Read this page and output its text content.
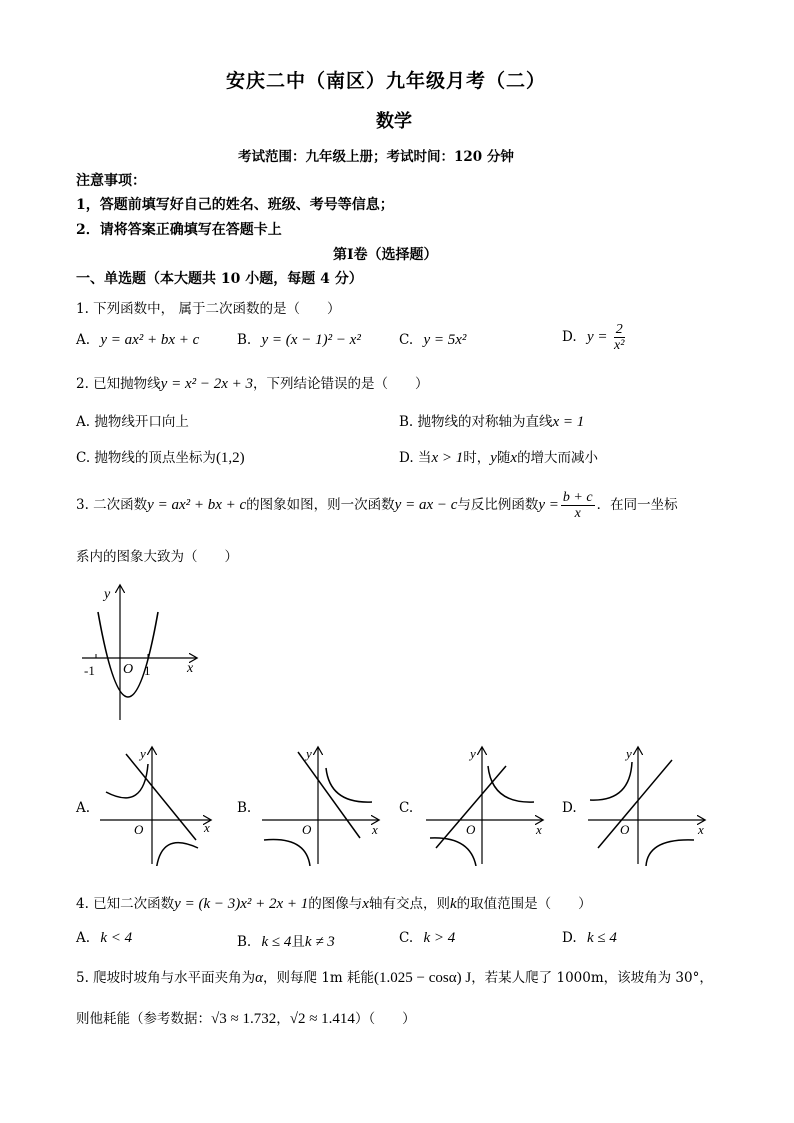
安庆二中（南区）九年级月考（二）
数学
考试范围：九年级上册；考试时间：120 分钟
注意事项：
1，答题前填写好自己的姓名、班级、考号等信息；
2．请将答案正确填写在答题卡上
第Ⅰ卷（选择题）
一、单选题（本大题共 10 小题，每题 4 分）
1. 下列函数中， 属于二次函数的是（　　）
A. y = ax² + bx + c	B. y = (x − 1)² − x²	C. y = 5x²	D. $y = \frac{2}{\text{x²}}$
2. 已知抛物线y = x² − 2x + 3，下列结论错误的是（　　）
A. 抛物线开口向上	B. 抛物线的对称轴为直线x = 1
C. 抛物线的顶点坐标为(1,2)	D. 当x > 1时，y随x的增大而减小
3. 二次函数y = ax² + bx + c的图象如图，则一次函数y = ax − c与反比例函数$y = \frac{b + c}{x}$ ．在同一坐标
系内的图象大致为（　　）
y
x
O
-1	1
A.
y
x
O
B.
y
x
O
C.
y
x
O
D.
y
x
O
4. 已知二次函数y = (k − 3)x² + 2x + 1的图像与x轴有交点，则k的取值范围是（　　）
A. k < 4	B. k ≤ 4且k ≠ 3	C. k > 4	D. k ≤ 4
5. 爬坡时坡角与水平面夹角为α，则每爬 1m 耗能(1.025 − cosα) J，若某人爬了 1000m，该坡角为 30°，
则他耗能（参考数据：√3 ≈ 1.732，√2 ≈ 1.414）（　　）
